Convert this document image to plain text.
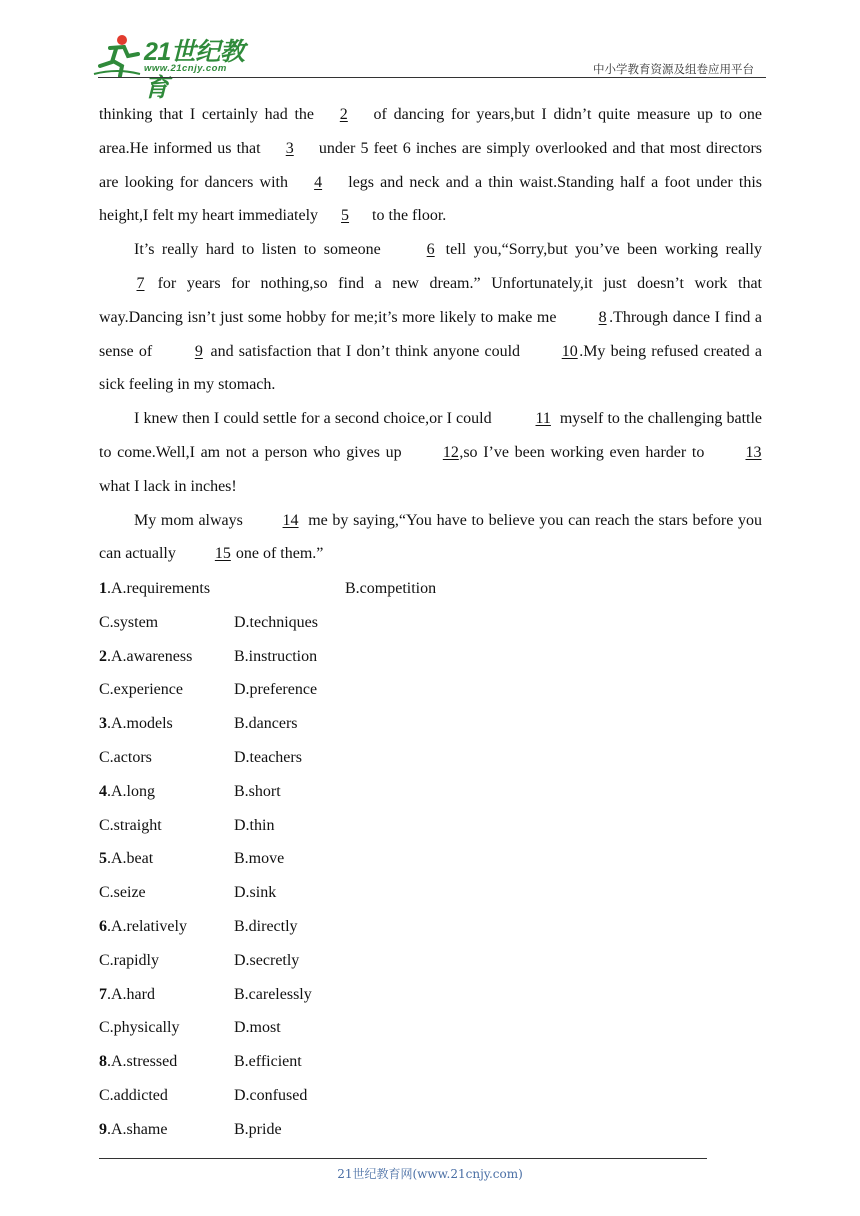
21世纪教育
www.21cnjy.com	中小学教育资源及组卷应用平台

thinking that I certainly had the 2 of dancing for years,but I didn’t quite measure up to one area.He informed us that 3 under 5 feet 6 inches are simply overlooked and that most directors are looking for dancers with 4 legs and neck and a thin waist.Standing half a foot under this height,I felt my heart immediately 5 to the floor.

It’s really hard to listen to someone 6 tell you,“Sorry,but you’ve been working really 7 for years for nothing,so find a new dream.” Unfortunately,it just doesn’t work that way.Dancing isn’t just some hobby for me;it’s more likely to make me 8 .Through dance I find a sense of 9 and satisfaction that I don’t think anyone could 10.My being refused created a sick feeling in my stomach.

I knew then I could settle for a second choice,or I could 11 myself to the challenging battle to come.Well,I am not a person who gives up 12,so I’ve been working even harder to 13 what I lack in inches!

My mom always 14 me by saying,“You have to believe you can reach the stars before you can actually 15 one of them.”

1.A.requirements	B.competition
C.system	D.techniques
2.A.awareness	B.instruction
C.experience	D.preference
3.A.models	B.dancers
C.actors	D.teachers
4.A.long	B.short
C.straight	D.thin
5.A.beat	B.move
C.seize	D.sink
6.A.relatively	B.directly
C.rapidly	D.secretly
7.A.hard	B.carelessly
C.physically	D.most
8.A.stressed	B.efficient
C.addicted	D.confused
9.A.shame	B.pride
21世纪教育网(www.21cnjy.com)
